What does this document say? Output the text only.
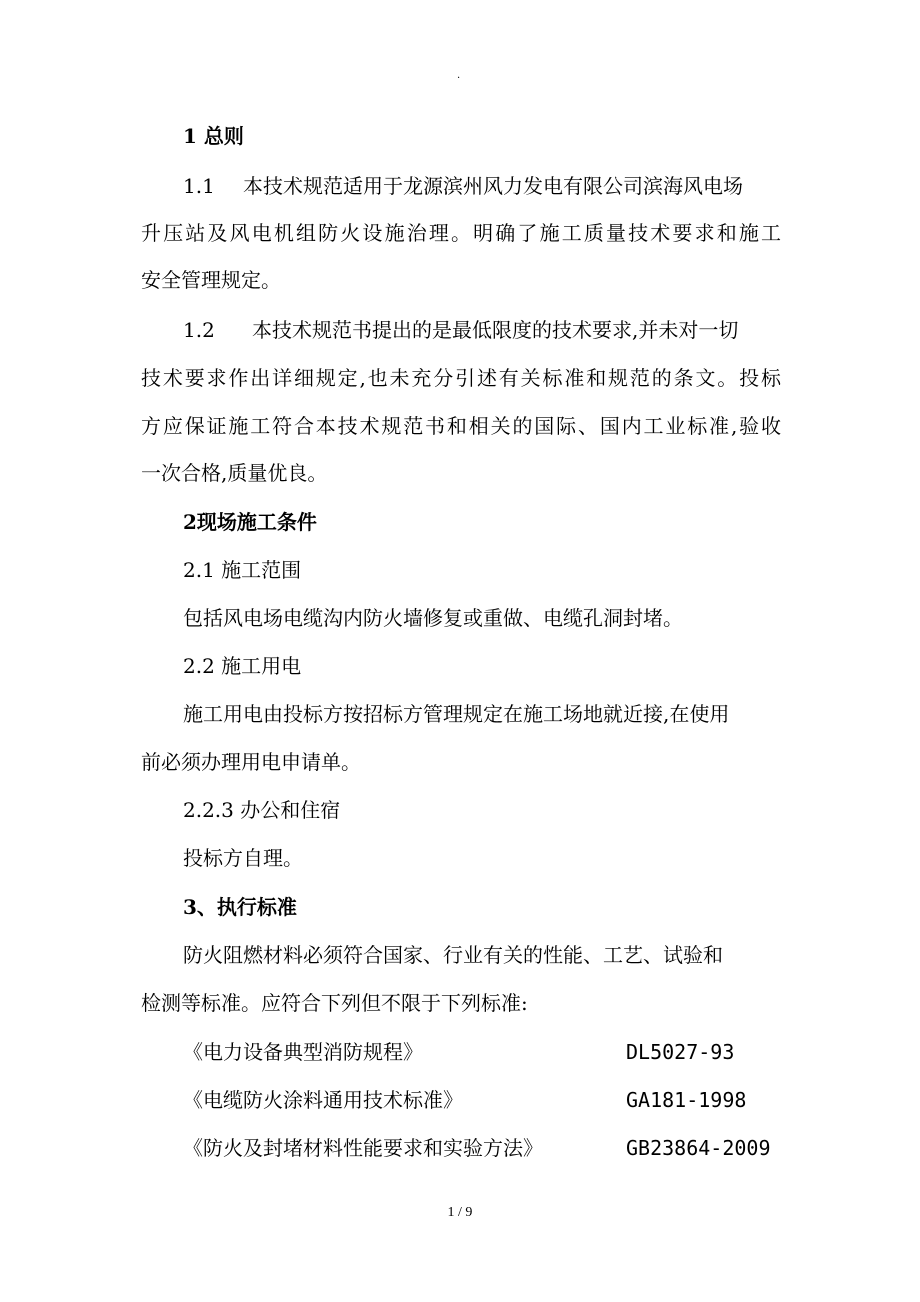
.
1 总则
1.1 本技术规范适用于龙源滨州风力发电有限公司滨海风电场
升压站及风电机组防火设施治理。明确了施工质量技术要求和施工
安全管理规定。
1.2 本技术规范书提出的是最低限度的技术要求,并未对一切
技术要求作出详细规定,也未充分引述有关标准和规范的条文。投标
方应保证施工符合本技术规范书和相关的国际、国内工业标准,验收
一次合格,质量优良。
2现场施工条件
2.1 施工范围
包括风电场电缆沟内防火墙修复或重做、电缆孔洞封堵。
2.2 施工用电
施工用电由投标方按招标方管理规定在施工场地就近接,在使用
前必须办理用电申请单。
2.2.3 办公和住宿
投标方自理。
3、执行标准
防火阻燃材料必须符合国家、行业有关的性能、工艺、试验和
检测等标准。应符合下列但不限于下列标准:
《电力设备典型消防规程》	DL5027-93
《电缆防火涂料通用技术标准》	GA181-1998
《防火及封堵材料性能要求和实验方法》	GB23864-2009
1 / 9
